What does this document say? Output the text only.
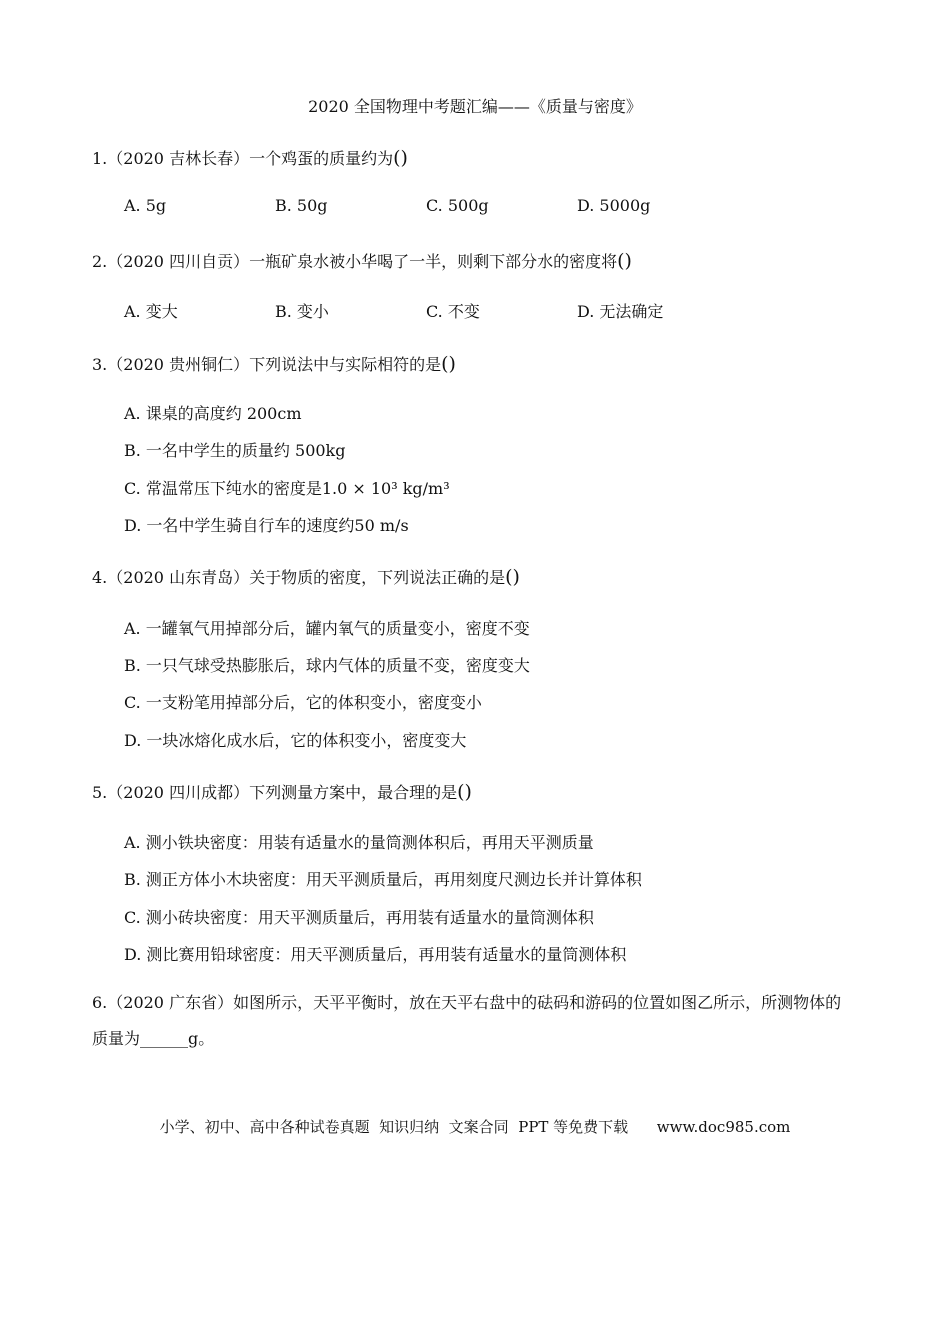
2020 全国物理中考题汇编——《质量与密度》
1.（2020 吉林长春）一个鸡蛋的质量约为()
A. 5g	B. 50g	C. 500g	D. 5000g
2.（2020 四川自贡）一瓶矿泉水被小华喝了一半，则剩下部分水的密度将()
A. 变大	B. 变小	C. 不变	D. 无法确定
3.（2020 贵州铜仁）下列说法中与实际相符的是()
A. 课桌的高度约 200cm
B. 一名中学生的质量约 500kg
C. 常温常压下纯水的密度是1.0 × 10³ kg/m³
D. 一名中学生骑自行车的速度约50 m/s
4.（2020 山东青岛）关于物质的密度，下列说法正确的是()
A. 一罐氧气用掉部分后，罐内氧气的质量变小，密度不变
B. 一只气球受热膨胀后，球内气体的质量不变，密度变大
C. 一支粉笔用掉部分后，它的体积变小，密度变小
D. 一块冰熔化成水后，它的体积变小，密度变大
5.（2020 四川成都）下列测量方案中，最合理的是()
A. 测小铁块密度：用装有适量水的量筒测体积后，再用天平测质量
B. 测正方体小木块密度：用天平测质量后，再用刻度尺测边长并计算体积
C. 测小砖块密度：用天平测质量后，再用装有适量水的量筒测体积
D. 测比赛用铅球密度：用天平测质量后，再用装有适量水的量筒测体积
6.（2020 广东省）如图所示，天平平衡时，放在天平右盘中的砝码和游码的位置如图乙所示，所测物体的质量为______g。
小学、初中、高中各种试卷真题  知识归纳  文案合同  PPT 等免费下载      www.doc985.com
